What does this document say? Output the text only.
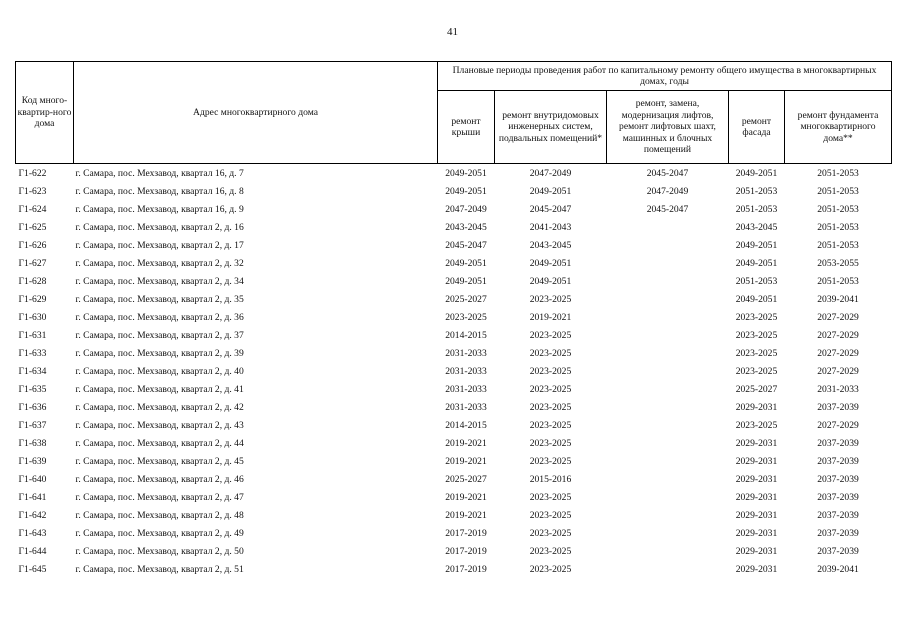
41
Код много-квартир-ного дома	Адрес многоквартирного дома	Плановые периоды проведения работ по капитальному ремонту общего имущества в многоквартирных домах, годы				
		ремонт крыши	ремонт внутридомовых инженерных систем, подвальных помещений*	ремонт, замена, модернизация лифтов, ремонт лифтовых шахт, машинных и блочных помещений	ремонт фасада	ремонт фундамента многоквартирного дома**
Г1-622	г. Самара, пос. Мехзавод, квартал 16, д. 7	2049-2051	2047-2049	2045-2047	2049-2051	2051-2053
Г1-623	г. Самара, пос. Мехзавод, квартал 16, д. 8	2049-2051	2049-2051	2047-2049	2051-2053	2051-2053
Г1-624	г. Самара, пос. Мехзавод, квартал 16, д. 9	2047-2049	2045-2047	2045-2047	2051-2053	2051-2053
Г1-625	г. Самара, пос. Мехзавод, квартал 2, д. 16	2043-2045	2041-2043		2043-2045	2051-2053
Г1-626	г. Самара, пос. Мехзавод, квартал 2, д. 17	2045-2047	2043-2045		2049-2051	2051-2053
Г1-627	г. Самара, пос. Мехзавод, квартал 2, д. 32	2049-2051	2049-2051		2049-2051	2053-2055
Г1-628	г. Самара, пос. Мехзавод, квартал 2, д. 34	2049-2051	2049-2051		2051-2053	2051-2053
Г1-629	г. Самара, пос. Мехзавод, квартал 2, д. 35	2025-2027	2023-2025		2049-2051	2039-2041
Г1-630	г. Самара, пос. Мехзавод, квартал 2, д. 36	2023-2025	2019-2021		2023-2025	2027-2029
Г1-631	г. Самара, пос. Мехзавод, квартал 2, д. 37	2014-2015	2023-2025		2023-2025	2027-2029
Г1-633	г. Самара, пос. Мехзавод, квартал 2, д. 39	2031-2033	2023-2025		2023-2025	2027-2029
Г1-634	г. Самара, пос. Мехзавод, квартал 2, д. 40	2031-2033	2023-2025		2023-2025	2027-2029
Г1-635	г. Самара, пос. Мехзавод, квартал 2, д. 41	2031-2033	2023-2025		2025-2027	2031-2033
Г1-636	г. Самара, пос. Мехзавод, квартал 2, д. 42	2031-2033	2023-2025		2029-2031	2037-2039
Г1-637	г. Самара, пос. Мехзавод, квартал 2, д. 43	2014-2015	2023-2025		2023-2025	2027-2029
Г1-638	г. Самара, пос. Мехзавод, квартал 2, д. 44	2019-2021	2023-2025		2029-2031	2037-2039
Г1-639	г. Самара, пос. Мехзавод, квартал 2, д. 45	2019-2021	2023-2025		2029-2031	2037-2039
Г1-640	г. Самара, пос. Мехзавод, квартал 2, д. 46	2025-2027	2015-2016		2029-2031	2037-2039
Г1-641	г. Самара, пос. Мехзавод, квартал 2, д. 47	2019-2021	2023-2025		2029-2031	2037-2039
Г1-642	г. Самара, пос. Мехзавод, квартал 2, д. 48	2019-2021	2023-2025		2029-2031	2037-2039
Г1-643	г. Самара, пос. Мехзавод, квартал 2, д. 49	2017-2019	2023-2025		2029-2031	2037-2039
Г1-644	г. Самара, пос. Мехзавод, квартал 2, д. 50	2017-2019	2023-2025		2029-2031	2037-2039
Г1-645	г. Самара, пос. Мехзавод, квартал 2, д. 51	2017-2019	2023-2025		2029-2031	2039-2041
